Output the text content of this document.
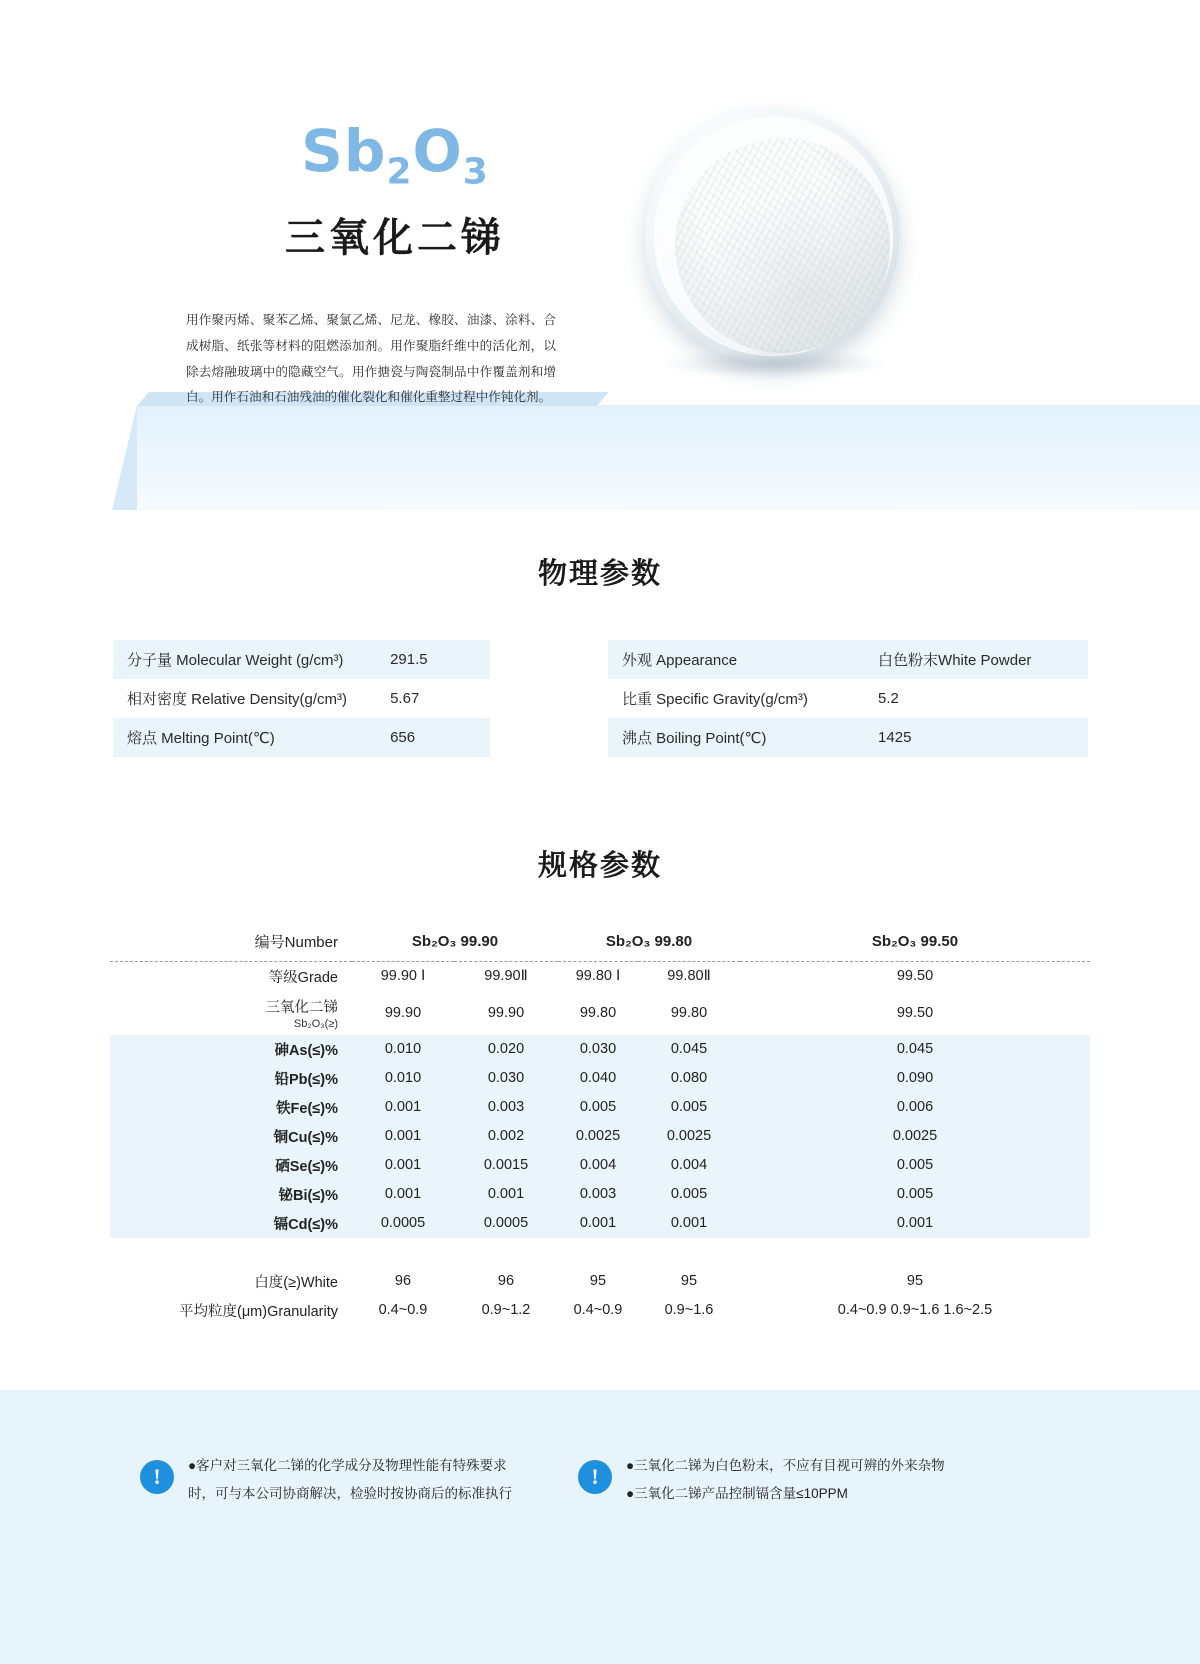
$Sb_2O_3$
三氧化二锑
用作聚丙烯、聚苯乙烯、聚氯乙烯、尼龙、橡胶、油漆、涂料、合成树脂、纸张等材料的阻燃添加剂。用作聚脂纤维中的活化剂，以除去熔融玻璃中的隐藏空气。用作搪瓷与陶瓷制品中作覆盖剂和增白。用作石油和石油残油的催化裂化和催化重整过程中作钝化剂。
物理参数
分子量 Molecular Weight (g/cm³)	291.5
相对密度 Relative Density(g/cm³)	5.67
熔点 Melting Point(℃)	656
外观 Appearance	白色粉末White Powder
比重 Specific Gravity(g/cm³)	5.2
沸点 Boiling Point(℃)	1425
规格参数
编号Number	Sb₂O₃ 99.90		Sb₂O₃ 99.80		Sb₂O₃ 99.50

等级Grade	99.90 Ⅰ	99.90Ⅱ	99.80 Ⅰ	99.80Ⅱ	99.50
三氧化二锑
Sb₂O₃(≥)	99.90	99.90	99.80	99.80	99.50
砷As(≤)%	0.010	0.020	0.030	0.045	0.045
铅Pb(≤)%	0.010	0.030	0.040	0.080	0.090
铁Fe(≤)%	0.001	0.003	0.005	0.005	0.006
铜Cu(≤)%	0.001	0.002	0.0025	0.0025	0.0025
硒Se(≤)%	0.001	0.0015	0.004	0.004	0.005
铋Bi(≤)%	0.001	0.001	0.003	0.005	0.005
镉Cd(≤)%	0.0005	0.0005	0.001	0.001	0.001

白度(≥)White	96	96	95	95	95
平均粒度(μm)Granularity	0.4~0.9	0.9~1.2	0.4~0.9	0.9~1.6	0.4~0.9 0.9~1.6 1.6~2.5
!	●客户对三氧化二锑的化学成分及物理性能有特殊要求
时，可与本公司协商解决，检验时按协商后的标准执行
!	●三氧化二锑为白色粉末，不应有目视可辨的外来杂物
●三氧化二锑产品控制镉含量≤10PPM
